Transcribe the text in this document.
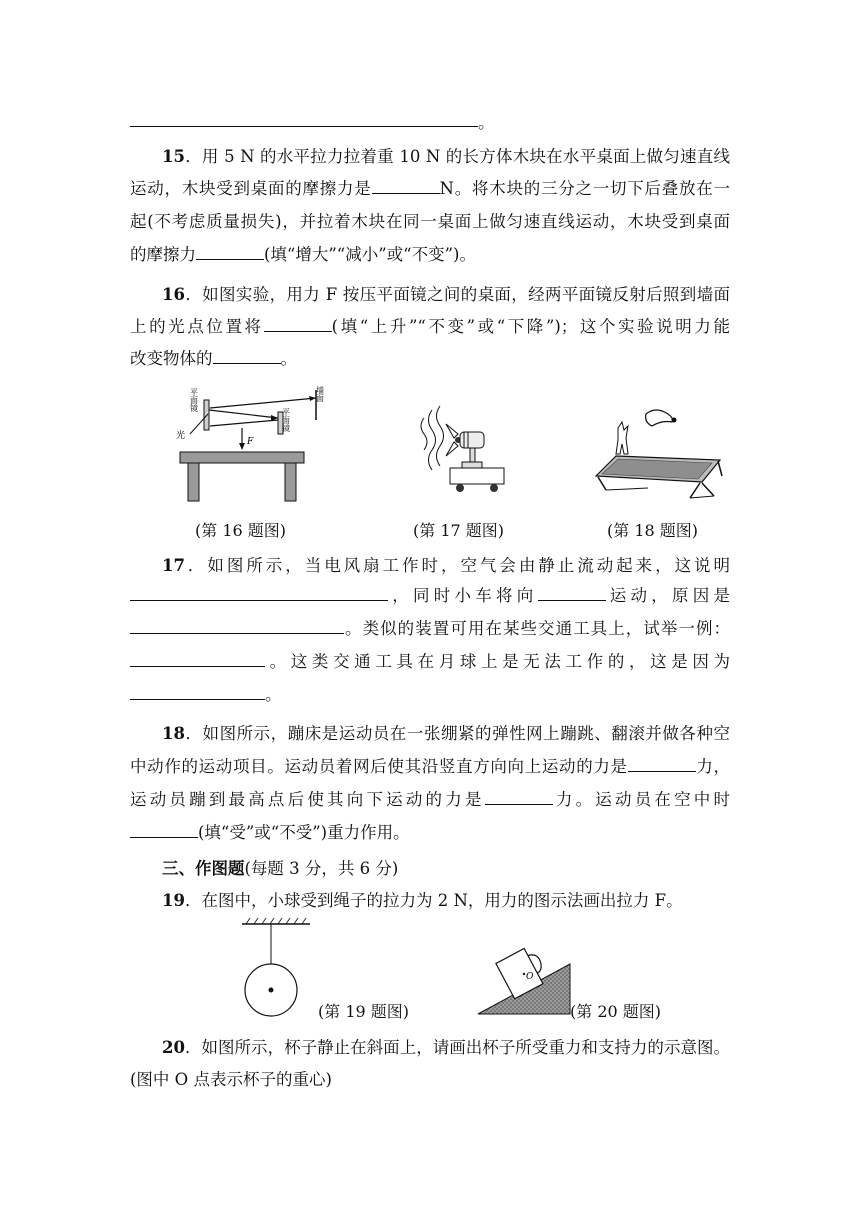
。
15．用 5 N 的水平拉力拉着重 10 N 的长方体木块在水平桌面上做匀速直线
运动，木块受到桌面的摩擦力是	N。将木块的三分之一切下后叠放在一
起(不考虑质量损失)，并拉着木块在同一桌面上做匀速直线运动，木块受到桌面
的摩擦力	(填“增大”“减小”或“不变”)。
16．如图实验，用力 F 按压平面镜之间的桌面，经两平面镜反射后照到墙面
上的光点位置将	(填“上升”“不变”或“下降”)；这个实验说明力能
改变物体的	。
墙面
平面镜
平面镜
光
F
(第 16 题图)	(第 17 题图)	(第 18 题图)
17．如图所示，当电风扇工作时，空气会由静止流动起来，这说明
，同时小车将向	运动，原因是
。类似的装置可用在某些交通工具上，试举一例：
。这类交通工具在月球上是无法工作的，这是因为
。
18．如图所示，蹦床是运动员在一张绷紧的弹性网上蹦跳、翻滚并做各种空
中动作的运动项目。运动员着网后使其沿竖直方向向上运动的力是	力，
运动员蹦到最高点后使其向下运动的力是	力。运动员在空中时
(填“受”或“不受”)重力作用。
三、作图题(每题 3 分，共 6 分)
19．在图中，小球受到绳子的拉力为 2 N，用力的图示法画出拉力 F。
(第 19 题图)
O
(第 20 题图)
20．如图所示，杯子静止在斜面上，请画出杯子所受重力和支持力的示意图。
(图中 O 点表示杯子的重心)
